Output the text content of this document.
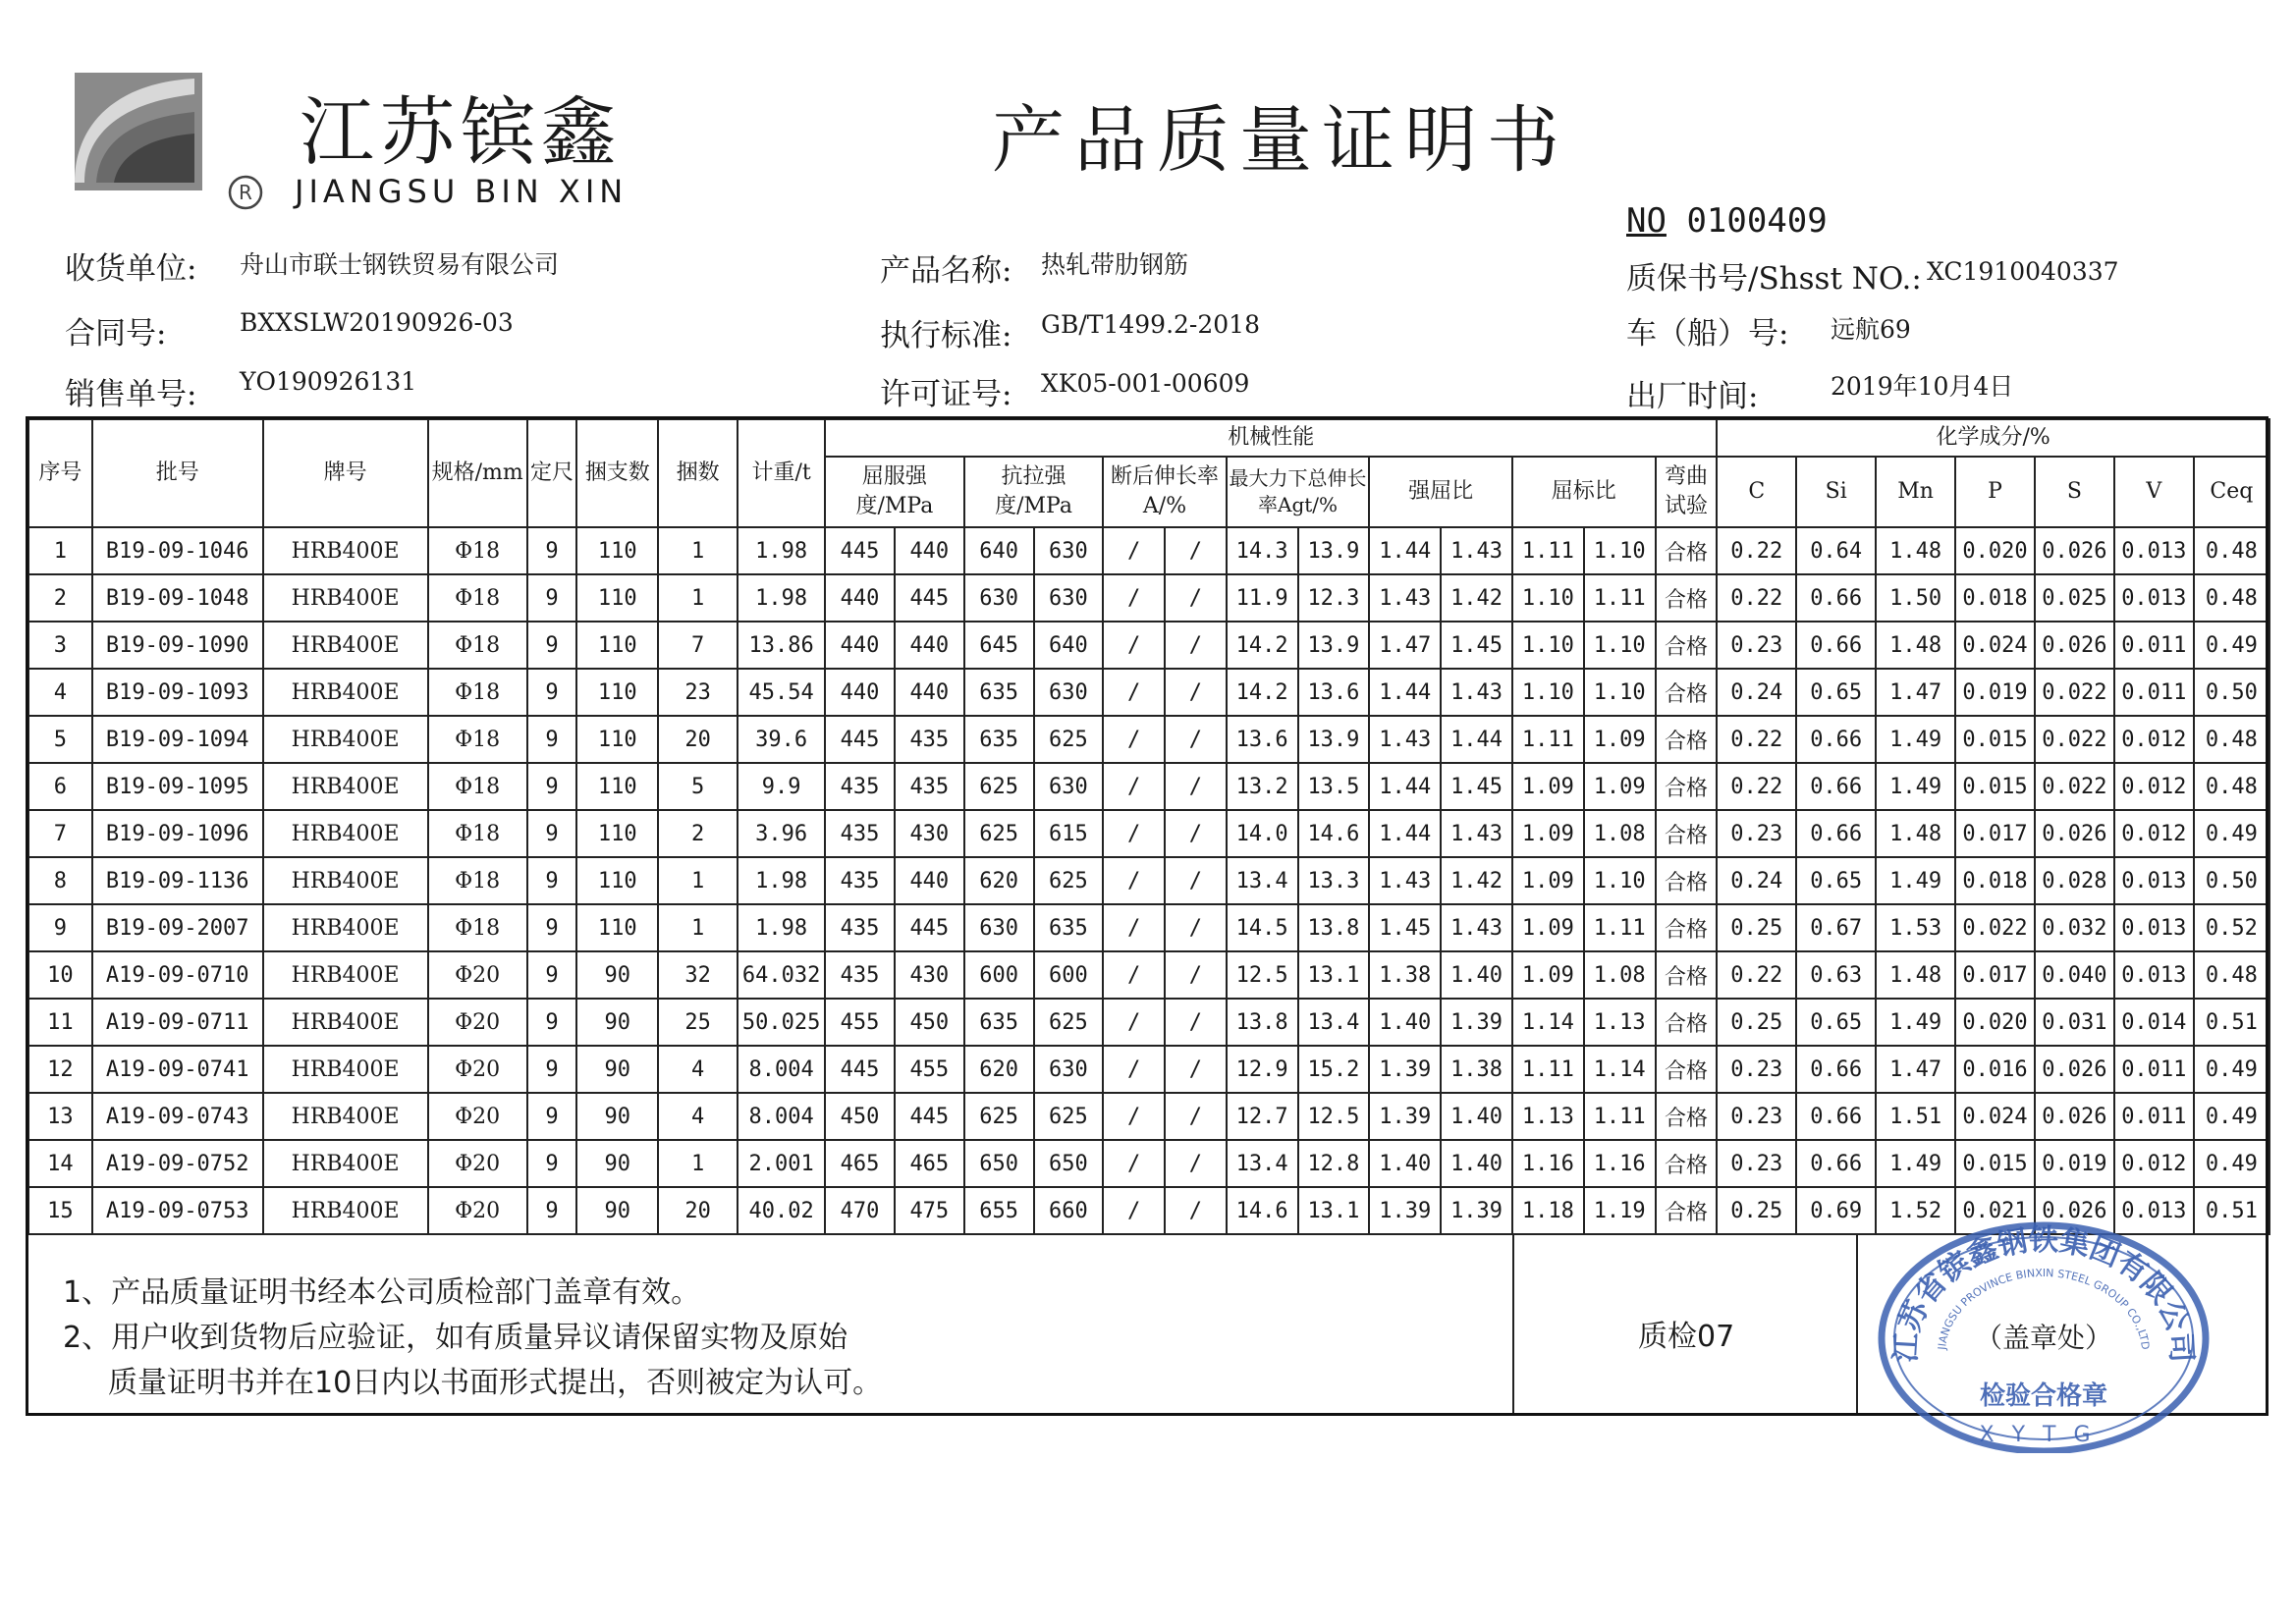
江苏镔鑫
R JIANGSU BIN XIN
产品质量证明书
收货单位: 舟山市联士钢铁贸易有限公司
合同号:	BXXSLW20190926-03
销售单号: YO190926131
产品名称: 热轧带肋钢筋
执行标准: GB/T1499.2-2018
许可证号: XK05-001-00609
NO 0100409
质保书号/Shsst NO.: XC1910040337
车（船）号: 远航69
出厂时间:	2019年10月4日
序号	批号	牌号	规格/mm	定尺	捆支数	捆数	计重/t	机械性能													化学成分/%						
								屈服强度/MPa		抗拉强度/MPa		断后伸长率A/%		最大力下总伸长率Agt/%		强屈比		屈标比		弯曲试验	C	Si	Mn	P	S	V	Ceq
1	B19-09-1046	HRB400E	Φ18	9	110	1	1.98	445	440	640	630	/	/	14.3	13.9	1.44	1.43	1.11	1.10	合格	0.22	0.64	1.48	0.020	0.026	0.013	0.48
2	B19-09-1048	HRB400E	Φ18	9	110	1	1.98	440	445	630	630	/	/	11.9	12.3	1.43	1.42	1.10	1.11	合格	0.22	0.66	1.50	0.018	0.025	0.013	0.48
3	B19-09-1090	HRB400E	Φ18	9	110	7	13.86	440	440	645	640	/	/	14.2	13.9	1.47	1.45	1.10	1.10	合格	0.23	0.66	1.48	0.024	0.026	0.011	0.49
4	B19-09-1093	HRB400E	Φ18	9	110	23	45.54	440	440	635	630	/	/	14.2	13.6	1.44	1.43	1.10	1.10	合格	0.24	0.65	1.47	0.019	0.022	0.011	0.50
5	B19-09-1094	HRB400E	Φ18	9	110	20	39.6	445	435	635	625	/	/	13.6	13.9	1.43	1.44	1.11	1.09	合格	0.22	0.66	1.49	0.015	0.022	0.012	0.48
6	B19-09-1095	HRB400E	Φ18	9	110	5	9.9	435	435	625	630	/	/	13.2	13.5	1.44	1.45	1.09	1.09	合格	0.22	0.66	1.49	0.015	0.022	0.012	0.48
7	B19-09-1096	HRB400E	Φ18	9	110	2	3.96	435	430	625	615	/	/	14.0	14.6	1.44	1.43	1.09	1.08	合格	0.23	0.66	1.48	0.017	0.026	0.012	0.49
8	B19-09-1136	HRB400E	Φ18	9	110	1	1.98	435	440	620	625	/	/	13.4	13.3	1.43	1.42	1.09	1.10	合格	0.24	0.65	1.49	0.018	0.028	0.013	0.50
9	B19-09-2007	HRB400E	Φ18	9	110	1	1.98	435	445	630	635	/	/	14.5	13.8	1.45	1.43	1.09	1.11	合格	0.25	0.67	1.53	0.022	0.032	0.013	0.52
10	A19-09-0710	HRB400E	Φ20	9	90	32	64.032	435	430	600	600	/	/	12.5	13.1	1.38	1.40	1.09	1.08	合格	0.22	0.63	1.48	0.017	0.040	0.013	0.48
11	A19-09-0711	HRB400E	Φ20	9	90	25	50.025	455	450	635	625	/	/	13.8	13.4	1.40	1.39	1.14	1.13	合格	0.25	0.65	1.49	0.020	0.031	0.014	0.51
12	A19-09-0741	HRB400E	Φ20	9	90	4	8.004	445	455	620	630	/	/	12.9	15.2	1.39	1.38	1.11	1.14	合格	0.23	0.66	1.47	0.016	0.026	0.011	0.49
13	A19-09-0743	HRB400E	Φ20	9	90	4	8.004	450	445	625	625	/	/	12.7	12.5	1.39	1.40	1.13	1.11	合格	0.23	0.66	1.51	0.024	0.026	0.011	0.49
14	A19-09-0752	HRB400E	Φ20	9	90	1	2.001	465	465	650	650	/	/	13.4	12.8	1.40	1.40	1.16	1.16	合格	0.23	0.66	1.49	0.015	0.019	0.012	0.49
15	A19-09-0753	HRB400E	Φ20	9	90	20	40.02	470	475	655	660	/	/	14.6	13.1	1.39	1.39	1.18	1.19	合格	0.25	0.69	1.52	0.021	0.026	0.013	0.51
1、产品质量证明书经本公司质检部门盖章有效。
2、用户收到货物后应验证，如有质量异议请保留实物及原始
质量证明书并在10日内以书面形式提出，否则被定为认可。
质检07	江苏省镔鑫钢铁集团有限公司
JIANGSU PROVINCE BINXIN STEEL GROUP CO.,LTD
（盖章处）
检验合格章
XYTG
